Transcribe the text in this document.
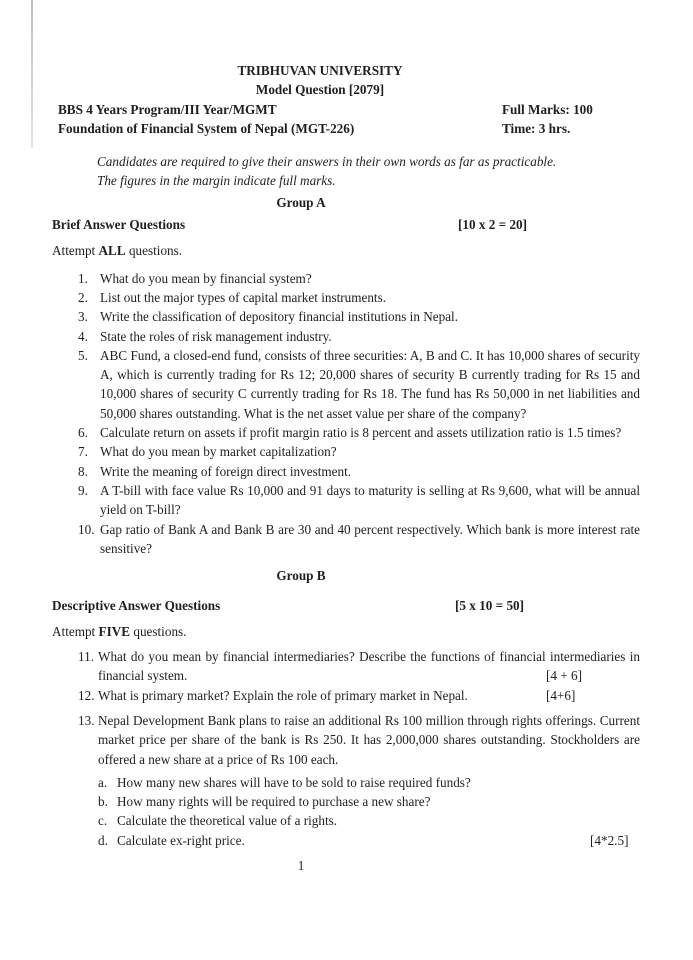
TRIBHUVAN UNIVERSITY
Model Question [2079]
BBS 4 Years Program/III Year/MGMT	Full Marks: 100
Foundation of Financial System of Nepal (MGT-226)	Time: 3 hrs.
Candidates are required to give their answers in their own words as far as practicable.
The figures in the margin indicate full marks.
Group A
Brief Answer Questions	[10 x 2 = 20]
Attempt ALL questions.
1. What do you mean by financial system?
2. List out the major types of capital market instruments.
3. Write the classification of depository financial institutions in Nepal.
4. State the roles of risk management industry.
5. ABC Fund, a closed-end fund, consists of three securities: A, B and C. It has 10,000 shares of security A, which is currently trading for Rs 12; 20,000 shares of security B currently trading for Rs 15 and 10,000 shares of security C currently trading for Rs 18. The fund has Rs 50,000 in net liabilities and 50,000 shares outstanding. What is the net asset value per share of the company?
6. Calculate return on assets if profit margin ratio is 8 percent and assets utilization ratio is 1.5 times?
7. What do you mean by market capitalization?
8. Write the meaning of foreign direct investment.
9. A T-bill with face value Rs 10,000 and 91 days to maturity is selling at Rs 9,600, what will be annual yield on T-bill?
10. Gap ratio of Bank A and Bank B are 30 and 40 percent respectively. Which bank is more interest rate sensitive?
Group B
Descriptive Answer Questions	[5 x 10 = 50]
Attempt FIVE questions.
11. What do you mean by financial intermediaries? Describe the functions of financial intermediaries in financial system.	[4 + 6]
12. What is primary market? Explain the role of primary market in Nepal.	[4+6]
13. Nepal Development Bank plans to raise an additional Rs 100 million through rights offerings. Current market price per share of the bank is Rs 250. It has 2,000,000 shares outstanding. Stockholders are offered a new share at a price of Rs 100 each.
a. How many new shares will have to be sold to raise required funds?
b. How many rights will be required to purchase a new share?
c. Calculate the theoretical value of a rights.
d. Calculate ex-right price.	[4*2.5]
1
